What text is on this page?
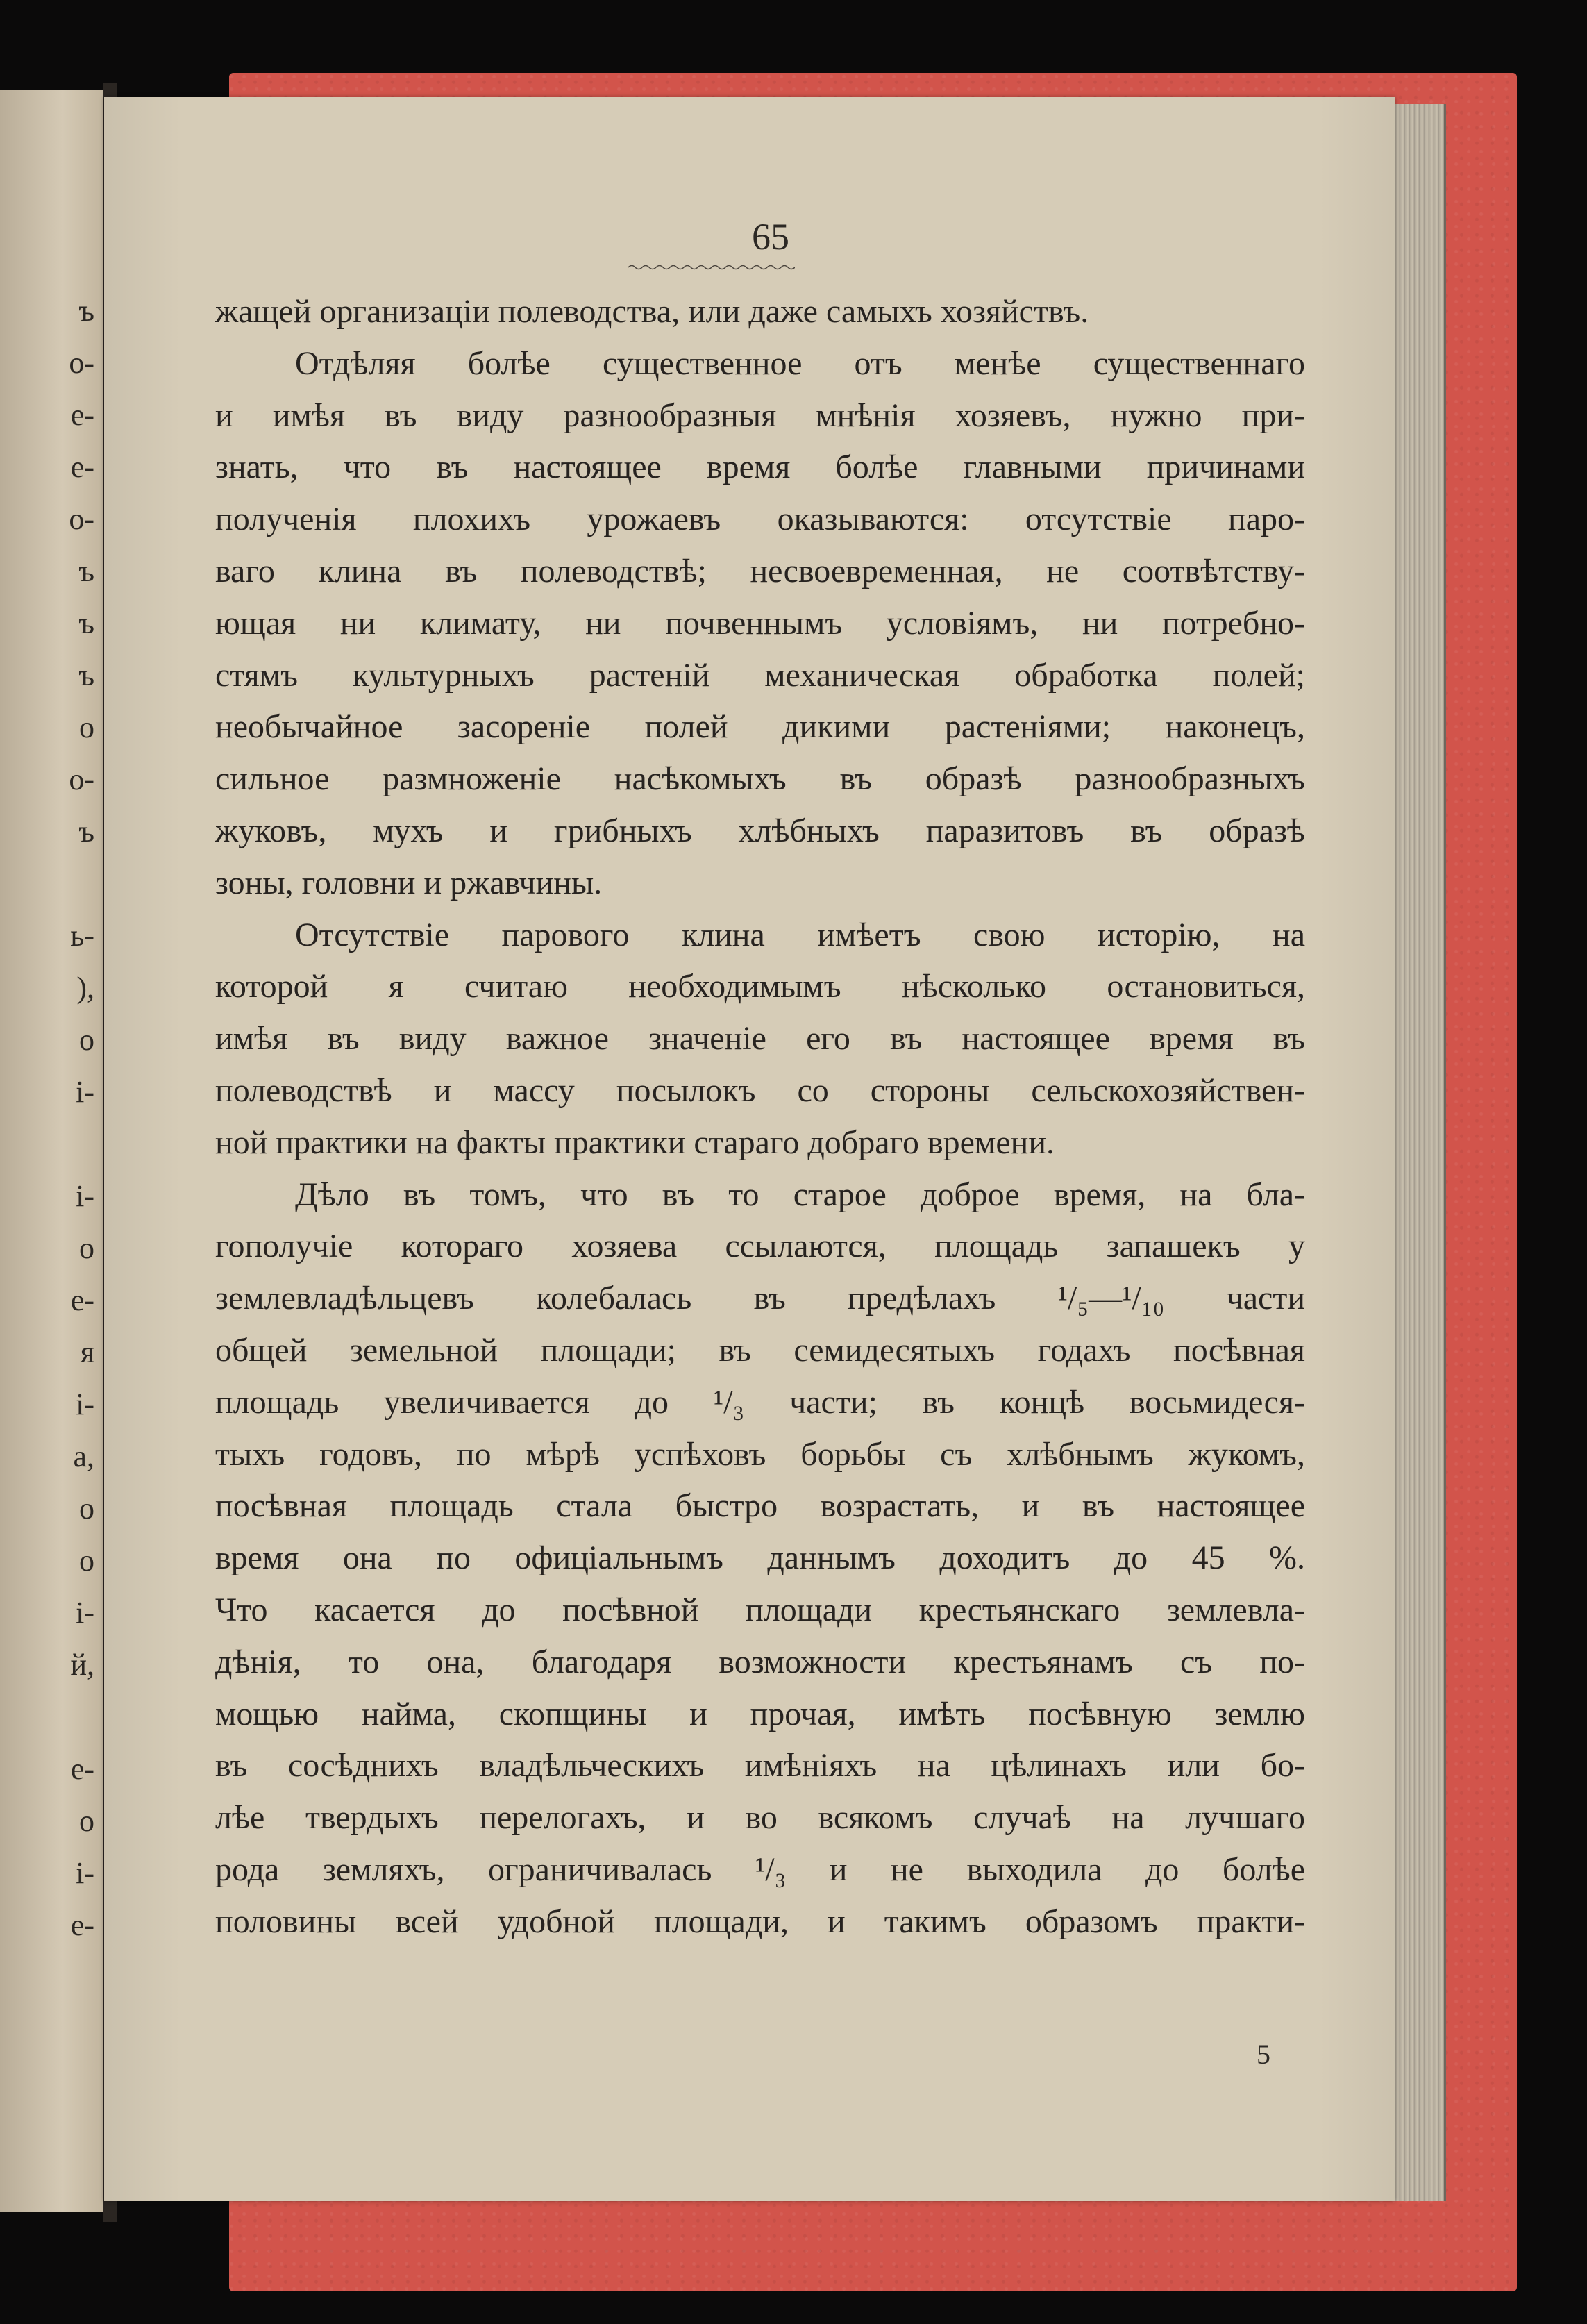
ъ
о-
е-
е-
о-
ъ
ъ
ъ
о
о-
ъ
ь-
),
о
і-
і-
о
е-
я
і-
а,
о
о
і-
й,
е-
о
і-
е-
65
жащей организаціи полеводства, или даже самыхъ хозяйствъ.
Отдѣляя болѣе существенное отъ менѣе существеннаго
и имѣя въ виду разнообразныя мнѣнія хозяевъ, нужно при-
знать, что въ настоящее время болѣе главными причинами
полученія плохихъ урожаевъ оказываются: отсутствіе паро-
ваго клина въ полеводствѣ; несвоевременная, не соотвѣтству-
ющая ни климату, ни почвеннымъ условіямъ, ни потребно-
стямъ культурныхъ растеній механическая обработка полей;
необычайное засореніе полей дикими растеніями; наконецъ,
сильное размноженіе насѣкомыхъ въ образѣ разнообразныхъ
жуковъ, мухъ и грибныхъ хлѣбныхъ паразитовъ въ образѣ
зоны, головни и ржавчины.
Отсутствіе парового клина имѣетъ свою исторію, на
которой я считаю необходимымъ нѣсколько остановиться,
имѣя въ виду важное значеніе его въ настоящее время въ
полеводствѣ и массу посылокъ со стороны сельскохозяйствен-
ной практики на факты практики стараго добраго времени.
Дѣло въ томъ, что въ то старое доброе время, на бла-
гополучіе котораго хозяева ссылаются, площадь запашекъ у
землевладѣльцевъ колебалась въ предѣлахъ ¹/₅—¹/₁₀ части
общей земельной площади; въ семидесятыхъ годахъ посѣвная
площадь увеличивается до ¹/₃ части; въ концѣ восьмидеся-
тыхъ годовъ, по мѣрѣ успѣховъ борьбы съ хлѣбнымъ жукомъ,
посѣвная площадь стала быстро возрастать, и въ настоящее
время она по офиціальнымъ даннымъ доходитъ до 45 %.
Что касается до посѣвной площади крестьянскаго землевла-
дѣнія, то она, благодаря возможности крестьянамъ съ по-
мощью найма, скопщины и прочая, имѣть посѣвную землю
въ сосѣднихъ владѣльческихъ имѣніяхъ на цѣлинахъ или бо-
лѣе твердыхъ перелогахъ, и во всякомъ случаѣ на лучшаго
рода земляхъ, ограничивалась ¹/₃ и не выходила до болѣе
половины всей удобной площади, и такимъ образомъ практи-
5
